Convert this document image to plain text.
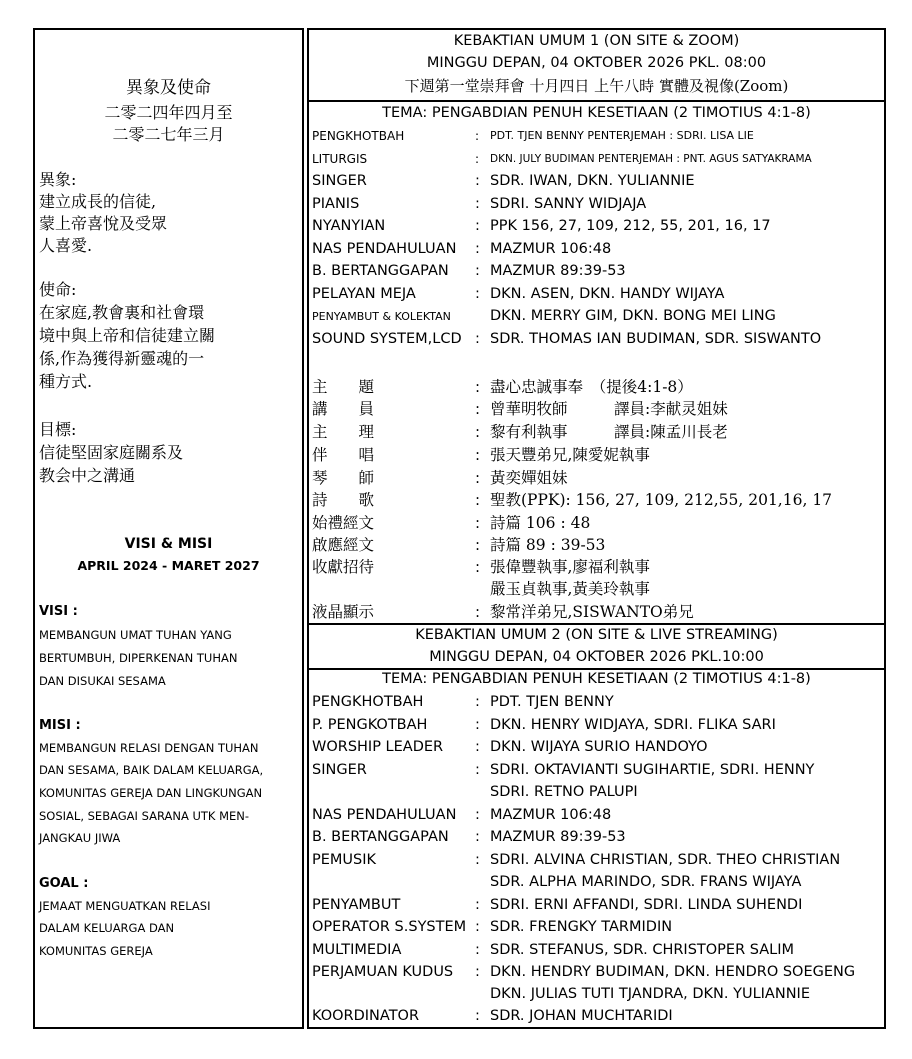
異象及使命
二零二四年四月至
二零二七年三月
異象:
建立成長的信徒,
蒙上帝喜悅及受眾
人喜愛.
使命:
在家庭,教會裏和社會環
境中與上帝和信徒建立關
係,作為獲得新靈魂的一
種方式.
目標:
信徒堅固家庭關系及
教会中之溝通
VISI & MISI
APRIL 2024 - MARET 2027
VISI :
MEMBANGUN UMAT TUHAN YANG
BERTUMBUH, DIPERKENAN TUHAN
DAN DISUKAI SESAMA
MISI :
MEMBANGUN RELASI DENGAN TUHAN
DAN SESAMA, BAIK DALAM KELUARGA,
KOMUNITAS GEREJA DAN LINGKUNGAN
SOSIAL, SEBAGAI SARANA UTK MEN-
JANGKAU JIWA
GOAL :
JEMAAT MENGUATKAN RELASI
DALAM KELUARGA DAN
KOMUNITAS GEREJA
KEBAKTIAN UMUM 1 (ON SITE & ZOOM)
MINGGU DEPAN, 04 OKTOBER 2026 PKL. 08:00
下週第一堂崇拜會 十月四日 上午八時 實體及視像(Zoom)
TEMA: PENGABDIAN PENUH KESETIAAN (2 TIMOTIUS 4:1-8)
PENGKHOTBAH	: PDT. TJEN BENNY PENTERJEMAH : SDRI. LISA LIE
LITURGIS	: DKN. JULY BUDIMAN PENTERJEMAH : PNT. AGUS SATYAKRAMA
SINGER	: SDR. IWAN, DKN. YULIANNIE
PIANIS	: SDRI. SANNY WIDJAJA
NYANYIAN	: PPK 156, 27, 109, 212, 55, 201, 16, 17
NAS PENDAHULUAN : MAZMUR 106:48
B. BERTANGGAPAN : MAZMUR 89:39-53
PELAYAN MEJA	: DKN. ASEN, DKN. HANDY WIJAYA
PENYAMBUT & KOLEKTAN	DKN. MERRY GIM, DKN. BONG MEI LING
SOUND SYSTEM,LCD : SDR. THOMAS IAN BUDIMAN, SDR. SISWANTO
主　　題	: 盡心忠誠事奉　（提後4:1-8）
講　　員	: 曾華明牧師　　　譯員:李献灵姐妹
主　　理	: 黎有利執事　　　譯員:陳孟川長老
伴　　唱	: 張天豐弟兄,陳愛妮執事
琴　　師	: 黃奕嬋姐妹
詩　　歌	: 聖教(PPK): 156, 27, 109, 212,55, 201,16, 17
始禮經文	: 詩篇 106 : 48
啟應經文	: 詩篇 89 : 39-53
收獻招待	: 張偉豐執事,廖福利執事
嚴玉貞執事,黃美玲執事
液晶顯示	: 黎常洋弟兄,SISWANTO弟兄
KEBAKTIAN UMUM 2 (ON SITE & LIVE STREAMING)
MINGGU DEPAN, 04 OKTOBER 2026 PKL.10:00
TEMA: PENGABDIAN PENUH KESETIAAN (2 TIMOTIUS 4:1-8)
PENGKHOTBAH	: PDT. TJEN BENNY
P. PENGKOTBAH	: DKN. HENRY WIDJAYA, SDRI. FLIKA SARI
WORSHIP LEADER : DKN. WIJAYA SURIO HANDOYO
SINGER	: SDRI. OKTAVIANTI SUGIHARTIE, SDRI. HENNY
SDRI. RETNO PALUPI
NAS PENDAHULUAN : MAZMUR 106:48
B. BERTANGGAPAN : MAZMUR 89:39-53
PEMUSIK	: SDRI. ALVINA CHRISTIAN, SDR. THEO CHRISTIAN
SDR. ALPHA MARINDO, SDR. FRANS WIJAYA
PENYAMBUT	: SDRI. ERNI AFFANDI, SDRI. LINDA SUHENDI
OPERATOR S.SYSTEM : SDR. FRENGKY TARMIDIN
MULTIMEDIA	: SDR. STEFANUS, SDR. CHRISTOPER SALIM
PERJAMUAN KUDUS : DKN. HENDRY BUDIMAN, DKN. HENDRO SOEGENG
DKN. JULIAS TUTI TJANDRA, DKN. YULIANNIE
KOORDINATOR	: SDR. JOHAN MUCHTARIDI
